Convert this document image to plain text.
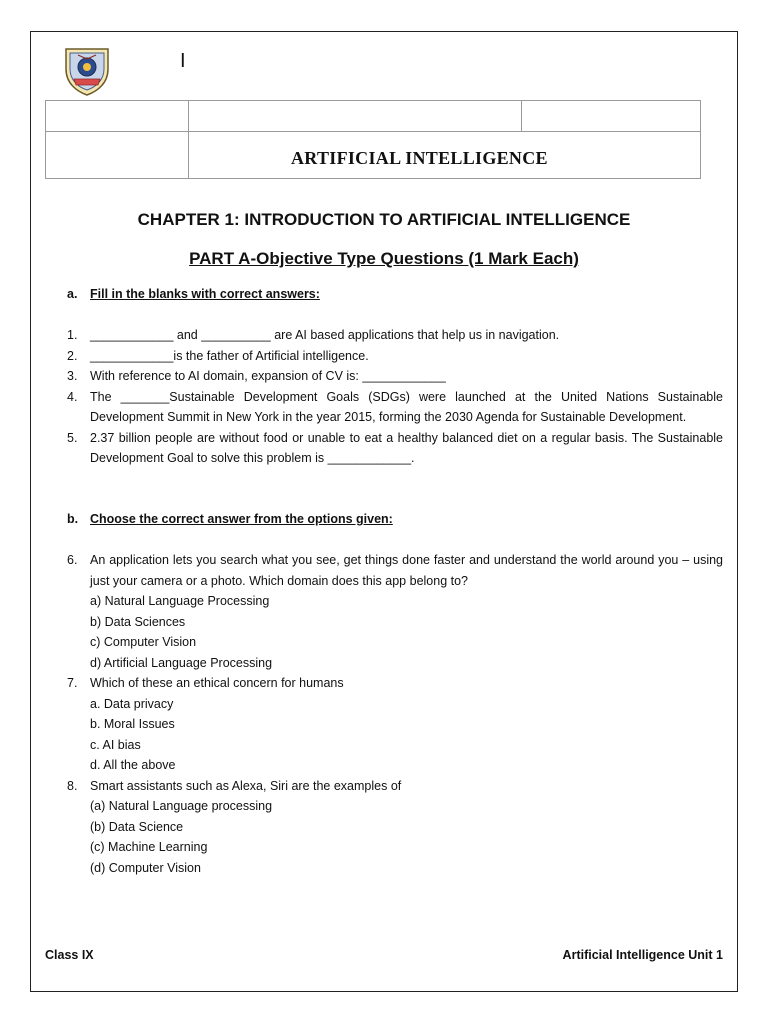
I

	ARTIFICIAL INTELLIGENCE	
CHAPTER 1: INTRODUCTION TO ARTIFICIAL INTELLIGENCE
PART A-Objective Type Questions (1 Mark Each)
a. Fill in the blanks with correct answers:
1.	____________ and __________ are AI based applications that help us in navigation.
2.	____________is the father of Artificial intelligence.
3.	With reference to AI domain, expansion of CV is: ____________
4.	The _______Sustainable Development Goals (SDGs) were launched at the United Nations Sustainable Development Summit in New York in the year 2015, forming the 2030 Agenda for Sustainable Development.
5.	2.37 billion people are without food or unable to eat a healthy balanced diet on a regular basis. The Sustainable Development Goal to solve this problem is ____________.
b. Choose the correct answer from the options given:
6.	An application lets you search what you see, get things done faster and understand the world around you – using just your camera or a photo. Which domain does this app belong to?
a) Natural Language Processing
b) Data Sciences
c) Computer Vision
d) Artificial Language Processing
7.	Which of these an ethical concern for humans
a. Data privacy
b. Moral Issues
c. AI bias
d. All the above
8.	Smart assistants such as Alexa, Siri are the examples of
(a) Natural Language processing
(b) Data Science
(c) Machine Learning
(d) Computer Vision
Class IX	Artificial Intelligence Unit 1
